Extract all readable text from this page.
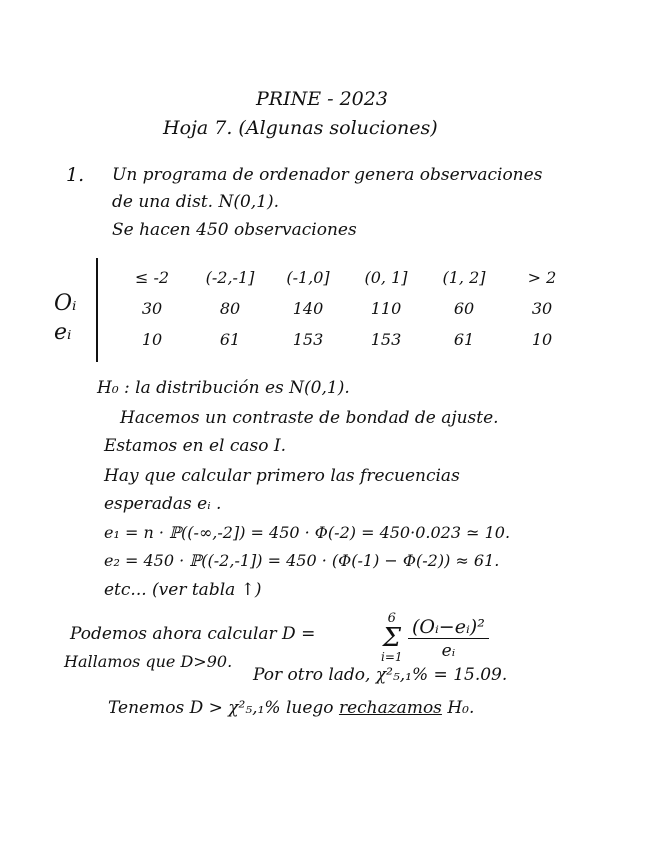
PRINE - 2023
Hoja 7. (Algunas soluciones)
1. Un programa de ordenador genera observaciones
de una dist. N(0,1).
Se hacen 450 observaciones
Oᵢ
eᵢ
≤ -2	(-2,-1]	(-1,0]	(0, 1]	(1, 2]	> 2
30	80	140	110	60	30
10	61	153	153	61	10
H₀ : la distribución es N(0,1).
Hacemos un contraste de bondad de ajuste.
Estamos en el caso I.
Hay que calcular primero las frecuencias
esperadas eᵢ .
e₁ = n · ℙ((-∞,-2]) = 450 · Φ(-2) = 450·0.023 ≃ 10.
e₂ = 450 · ℙ((-2,-1]) = 450 · (Φ(-1) − Φ(-2)) ≈ 61.
etc... (ver tabla ↑)
Podemos ahora calcular D =
6
Σ
$i=1 \frac{\text{(Oᵢ−eᵢ)²}}{\text{eᵢ}}$
Hallamos que D>90.
Por otro lado, χ²₅,₁% = 15.09.
Tenemos D > χ²₅,₁% luego rechazamos H₀.
